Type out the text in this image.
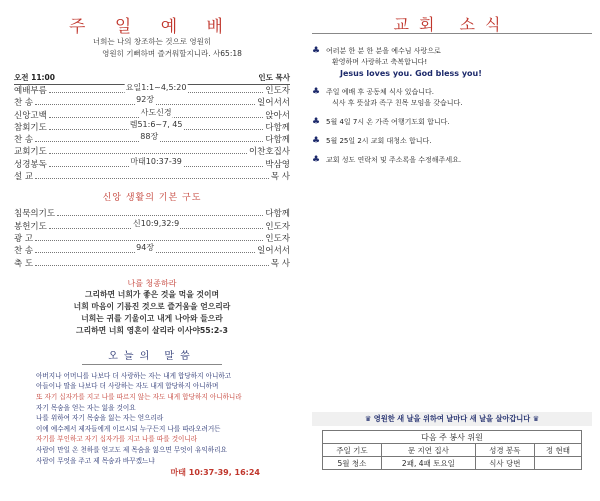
주 일 예 배
너희는 나의 창조하는 것으로 영원히
영원히 기뻐하며 즐거워할지니라. 사65:18
오전 11:00	인도 목사
예배부름	요일1:1~4,5:20	인도자
찬 송	92장	일어서서
신앙고백	사도신경	앉아서
참회기도	렘51:6~7, 45	다함께
찬 송	88장	다함께
교회기도	이찬호집사
성경봉독	마태10:37-39	박삼영
설 교	목 사
신앙 생활의 기본 구도
침묵의기도	다함께
봉헌기도	신10:9,32:9	인도자
광 고	인도자
찬 송	94장	일어서서
축 도	목 사
나를 청종하라
그리하면 너희가 좋은 것을 먹을 것이며
너희 마음이 기름진 것으로 즐거움을 얻으리라
너희는 귀를 기울이고 내게 나아와 들으라
그리하면 너희 영혼이 살리라 이사야55:2-3
오늘의 말씀
아버지나 어머니를 나보다 더 사랑하는 자는 내게 합당하지 아니하고
아들이나 딸을 나보다 더 사랑하는 자도 내게 합당하지 아니하며
또 자기 십자가를 지고 나를 따르지 않는 자도 내게 합당하지 아니하니라
자기 목숨을 얻는 자는 잃을 것이요
나를 위하여 자기 목숨을 잃는 자는 얻으리라
이에 예수께서 제자들에게 이르시되 누구든지 나를 따라오려거든
자기를 부인하고 자기 십자가를 지고 나를 따를 것이니라
사람이 만일 온 천하를 얻고도 제 목숨을 잃으면 무엇이 유익하리요
사람이 무엇을 주고 제 목숨과 바꾸겠느냐
마태 10:37-39, 16:24
교회 소식
♣ 여러분 한 분 한 분을 예수님 사랑으로
환영하며 사랑하고 축복합니다!
Jesus loves you. God bless you!
♣ 주일 예배 후 공동체 식사 있습니다.
식사 후 뜻살과 족구 친목 모임을 갖습니다.
♣ 5월 4일 7시 온 가족 여행기도회 합니다.
♣ 5월 25일 2시 교회 대청소 합니다.
♣ 교회 성도 연락처 및 주소록을 수정해주세요.
♛ 영원한 새 날을 위하여 날마다 새 날을 살아갑니다 ♛
다음 주 봉사 위원			
주일 기도	문 지연 집사	성경 봉독	정 현태
5월 청소	2패, 4패 토요일	식사 당번	
